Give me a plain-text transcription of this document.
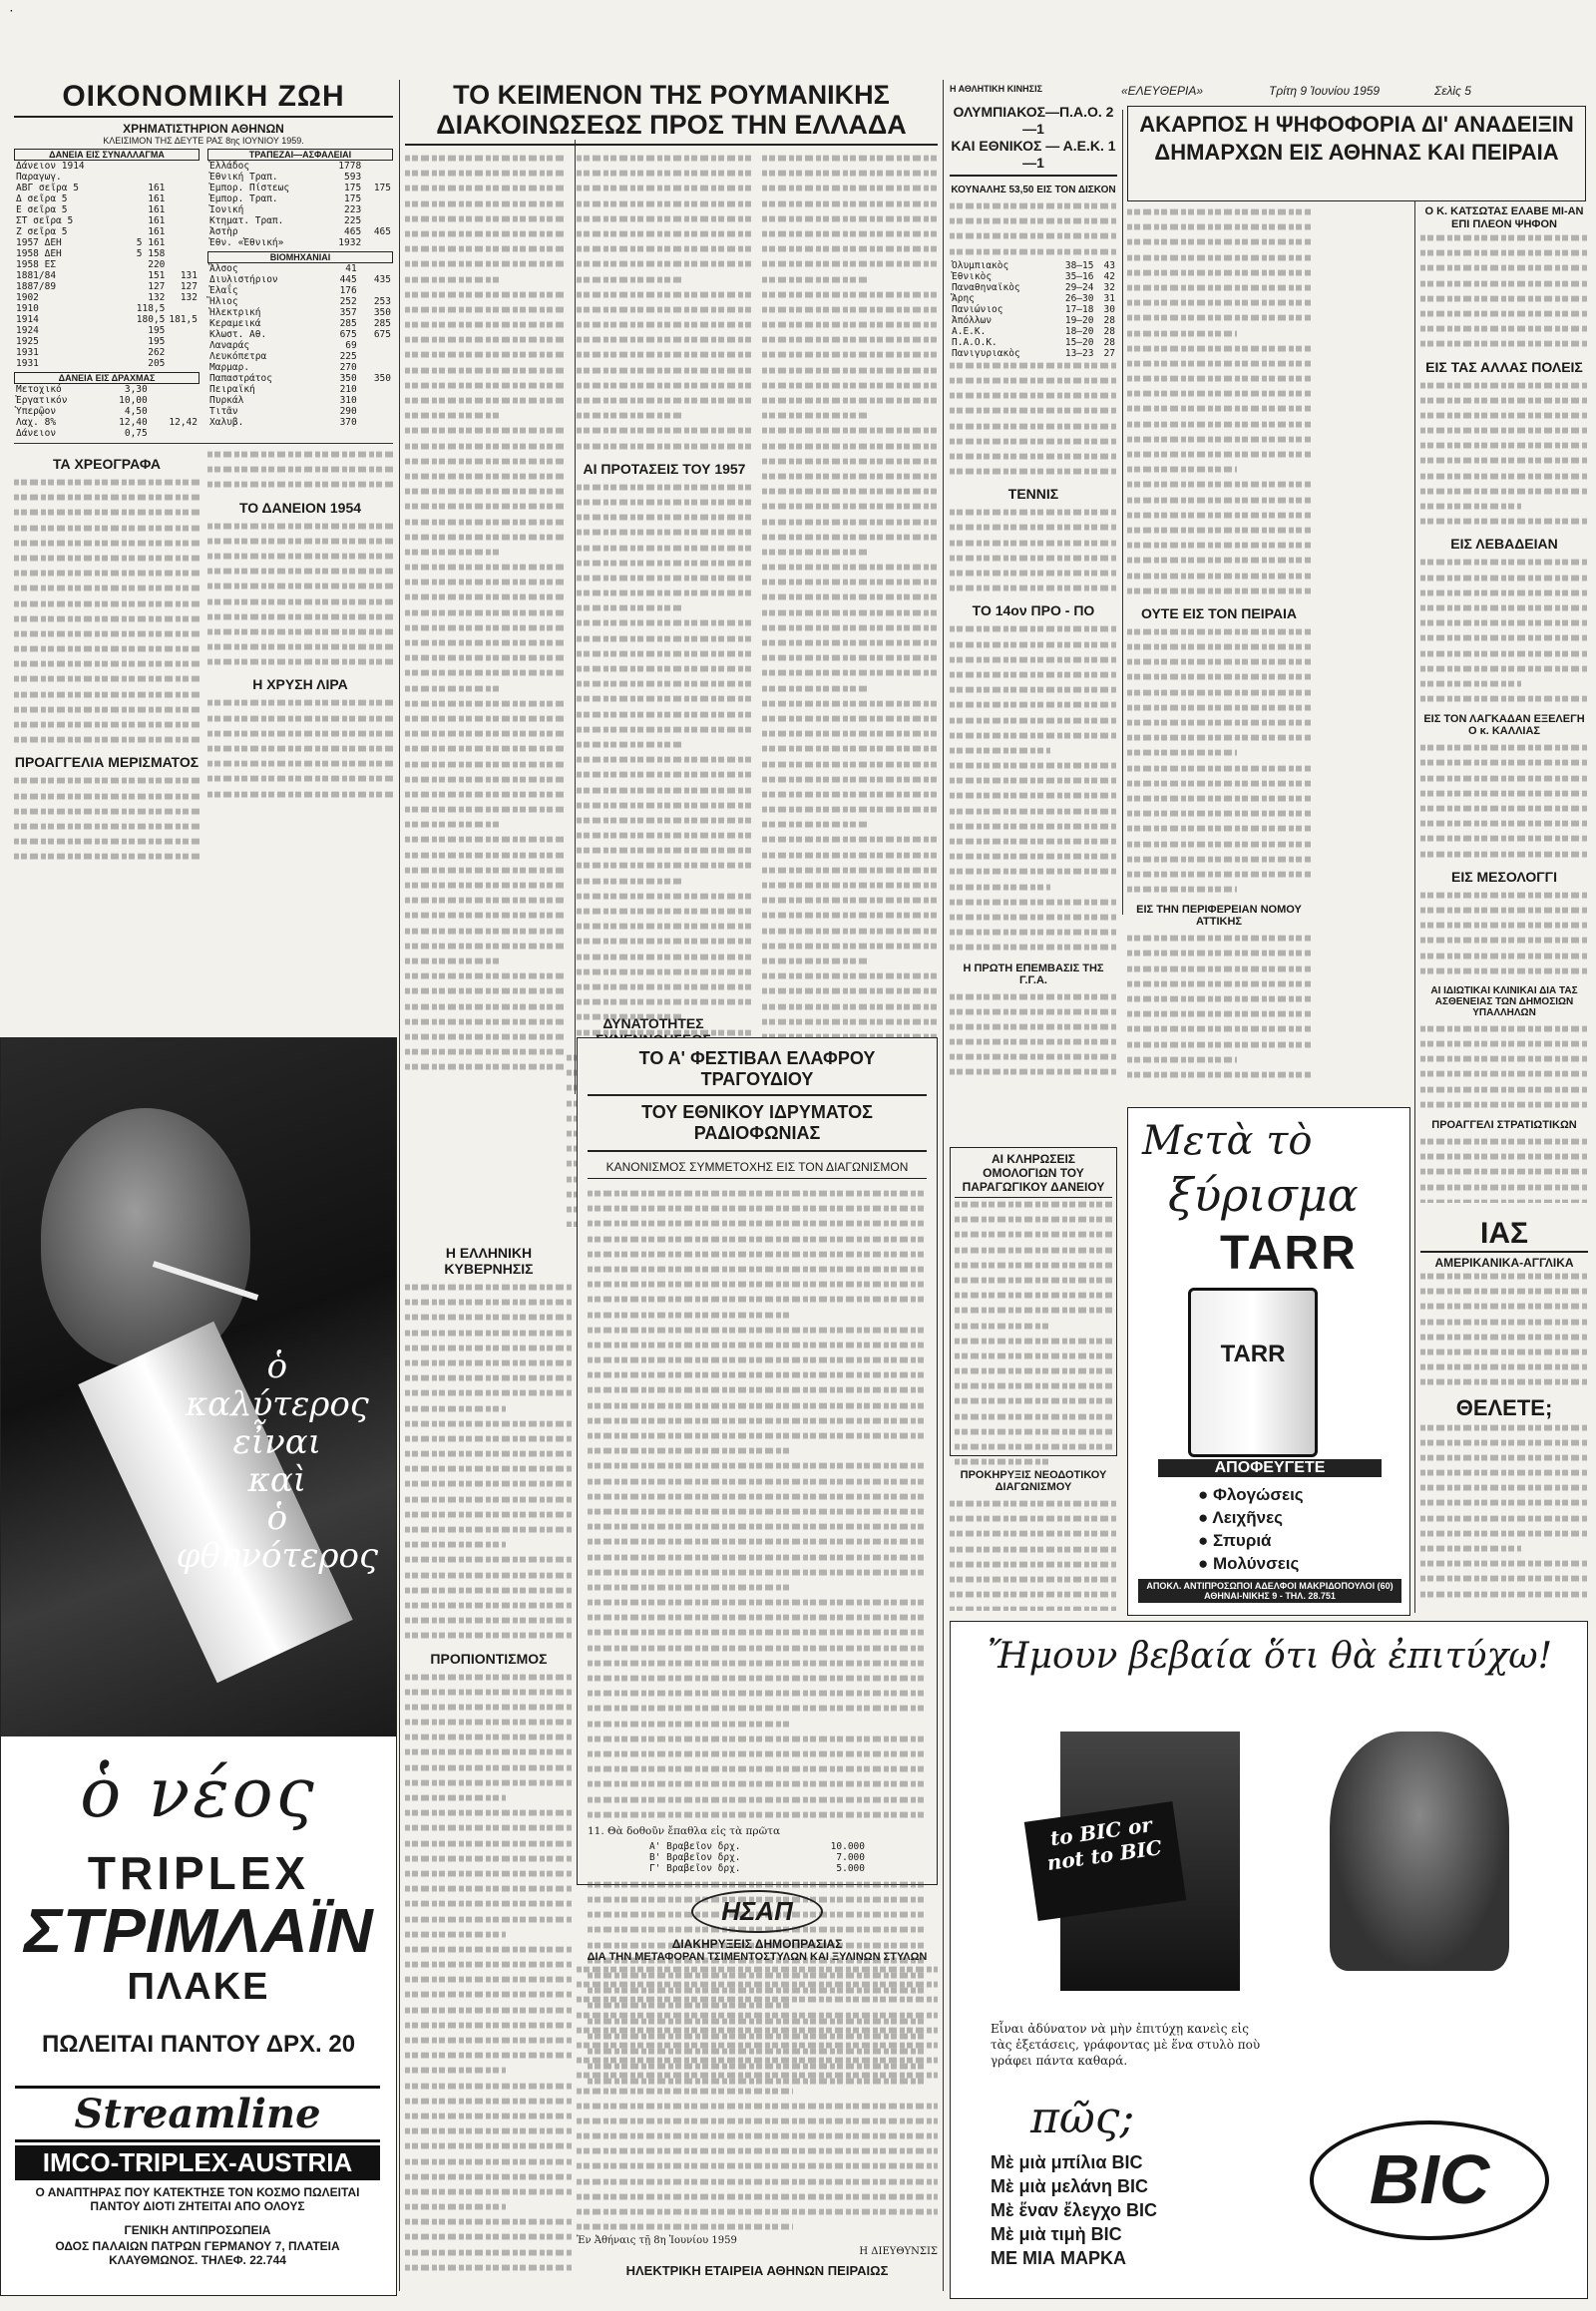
·
Η ΑΘΛΗΤΙΚΗ ΚΙΝΗΣΙΣ	«ΕΛΕΥΘΕΡΙΑ»	Τρίτη 9 Ἰουνίου 1959	Σελὶς 5
ΟΙΚΟΝΟΜΙΚΗ ΖΩΗ
ΧΡΗΜΑΤΙΣΤΗΡΙΟΝ ΑΘΗΝΩΝ
ΚΛΕΙΣΙΜΟΝ ΤΗΣ ΔΕΥΤΕ ΡΑΣ 8ης ΙΟΥΝΙΟΥ 1959.
ΔΑΝΕΙΑ ΕΙΣ ΣΥΝΑΛΛΑΓΜΑ
Δάνειον 1914 Παραγωγ.		
ΑΒΓ σεῖρα 5	161	
Δ σεῖρα 5	161	
Ε σεῖρα 5	161	
ΣΤ σεῖρα 5	161	
Ζ σεῖρα 5	161	
1957 ΔΕΗ	5 161	
1958 ΔΕΗ	5 158	
1958 ΕΣ	220	
1881/84	151	131
1887/89	127	127
1902	132	132
1910	118,5	
1914	180,5	181,5
1924	195	
1925	195	
1931	262	
1931	205	
ΔΑΝΕΙΑ ΕΙΣ ΔΡΑΧΜΑΣ
Μετοχικό	3,30	
Ἐργατικόν	10,00	
Ὑπερῷον	4,50	
Λαχ. 8%	12,40	12,42
Δάνειον	0,75	
ΤΡΑΠΕΖΑΙ—ΑΣΦΑΛΕΙΑΙ
Ἑλλάδος	1778	
Ἐθνική Τραπ.	593	
Ἐμπορ. Πίστεως	175	175
Ἐμπορ. Τραπ.	175	
Ἰονική	223	
Κτηματ. Τραπ.	225	
Ἀστὴρ	465	465
Ἐθν. «Ἐθνική»	1932	
ΒΙΟΜΗΧΑΝΙΑΙ
Ἄλσος	41	
Διυλιστήριον	445	435
Ἐλαΐς	176	
Ἤλιος	252	253
Ἠλεκτρική	357	350
Κεραμεικά	285	285
Κλωστ. Αθ.	675	675
Λαναράς	69	
Λευκόπετρα	225	
Μαρμαρ.	270	
Παπαστράτος	350	350
Πειραϊκή	210	
Πυρκάλ	310	
Τιτᾶν	290	
Χαλυβ.	370	
ΤΑ ΧΡΕΟΓΡΑΦΑ
ΠΡΟΑΓΓΕΛΙΑ ΜΕΡΙΣΜΑΤΟΣ
ΤΟ ΔΑΝΕΙΟΝ 1954
Η ΧΡΥΣΗ ΛΙΡΑ
ὁ
καλύτερος
εἶναι
καὶ
ὁ
φθηνότερος
ὁ νέος
TRIPLEX
ΣΤΡΙΜΛΑΪΝ
ΠΛΑΚΕ
ΠΩΛΕΙΤΑΙ ΠΑΝΤΟΥ ΔΡΧ. 20
Streamline
IMCO-TRIPLEX-AUSTRIA
Ο ΑΝΑΠΤΗΡΑΣ ΠΟΥ ΚΑΤΕΚΤΗΣΕ ΤΟΝ ΚΟΣΜΟ ΠΩΛΕΙΤΑΙ ΠΑΝΤΟΥ ΔΙΟΤΙ ΖΗΤΕΙΤΑΙ ΑΠΟ ΟΛΟΥΣ
ΓΕΝΙΚΗ ΑΝΤΙΠΡΟΣΩΠΕΙΑ
ΟΔΟΣ ΠΑΛΑΙΩΝ ΠΑΤΡΩΝ ΓΕΡΜΑΝΟΥ 7, ΠΛΑΤΕΙΑ ΚΛΑΥΘΜΩΝΟΣ. ΤΗΛΕΦ. 22.744
ΤΟ ΚΕΙΜΕΝΟΝ ΤΗΣ ΡΟΥΜΑΝΙΚΗΣ ΔΙΑΚΟΙΝΩΣΕΩΣ ΠΡΟΣ ΤΗΝ ΕΛΛΑΔΑ
ΑΙ ΠΡΟΤΑΣΕΙΣ ΤΟΥ 1957
ΔΥΝΑΤΟΤΗΤΕΣ
ΤΟ Α' ΦΕΣΤΙΒΑΛ ΕΛΑΦΡΟΥ ΤΡΑΓΟΥΔΙΟΥ
ΤΟΥ ΕΘΝΙΚΟΥ ΙΔΡΥΜΑΤΟΣ ΡΑΔΙΟΦΩΝΙΑΣ
ΚΑΝΟΝΙΣΜΟΣ ΣΥΜΜΕΤΟΧΗΣ ΕΙΣ ΤΟΝ ΔΙΑΓΩΝΙΣΜΟΝ
11. Θὰ δοθοῦν ἔπαθλα εἰς τὰ πρῶτα
Α' Βραβεῖον δρχ.	10.000
Β' Βραβεῖον δρχ.	7.000
Γ' Βραβεῖον δρχ.	5.000
Η ΕΛΛΗΝΙΚΗ ΚΥΒΕΡΝΗΣΙΣ
ΠΡΟΠΙΟΝΤΙΣΜΟΣ
ΗΣΑΠ
ΔΙΑΚΗΡΥΞΕΙΣ ΔΗΜΟΠΡΑΣΙΑΣ
ΔΙΑ ΤΗΝ ΜΕΤΑΦΟΡΑΝ ΤΣΙΜΕΝΤΟΣΤΥΛΩΝ ΚΑΙ ΞΥΛΙΝΩΝ ΣΤΥΛΩΝ
Ἐν Ἀθήναις τῇ 8η Ἰουνίου 1959
Η ΔΙΕΥΘΥΝΣΙΣ
ΗΛΕΚΤΡΙΚΗ ΕΤΑΙΡΕΙΑ ΑΘΗΝΩΝ ΠΕΙΡΑΙΩΣ
ΟΛΥΜΠΙΑΚΟΣ—Π.Α.Ο. 2—1
ΚΑΙ ΕΘΝΙΚΟΣ — Α.Ε.Κ. 1—1
ΚΟΥΝΑΛΗΣ 53,50 ΕΙΣ ΤΟΝ ΔΙΣΚΟΝ
Ὀλυμπιακὸς	38—15	43
Ἐθνικὸς	35—16	42
Παναθηναϊκὸς	29—24	32
Ἄρης	26—30	31
Πανιώνιος	17—18	30
Ἀπόλλων	19—20	28
Α.Ε.Κ.	18—20	28
Π.Α.Ο.Κ.	15—20	28
Πανιγυριακὸς	13—23	27
ΤΕΝΝΙΣ
ΤΟ 14ον ΠΡΟ - ΠΟ
Η ΠΡΩΤΗ ΕΠΕΜΒΑΣΙΣ ΤΗΣ Γ.Γ.Α.
ΑΙ ΚΛΗΡΩΣΕΙΣ ΟΜΟΛΟΓΙΩΝ ΤΟΥ ΠΑΡΑΓΩΓΙΚΟΥ ΔΑΝΕΙΟΥ
ΠΡΟΚΗΡΥΞΙΣ ΝΕΟΔΟΤΙΚΟΥ ΔΙΑΓΩΝΙΣΜΟΥ
ΑΚΑΡΠΟΣ Η ΨΗΦΟΦΟΡΙΑ ΔΙ' ΑΝΑΔΕΙΞΙΝ ΔΗΜΑΡΧΩΝ ΕΙΣ ΑΘΗΝΑΣ ΚΑΙ ΠΕΙΡΑΙΑ
ΟΥΤΕ ΕΙΣ ΤΟΝ ΠΕΙΡΑΙΑ
ΕΙΣ ΤΗΝ ΠΕΡΙΦΕΡΕΙΑΝ ΝΟΜΟΥ ΑΤΤΙΚΗΣ
Ο Κ. ΚΑΤΣΩΤΑΣ ΕΛΑΒΕ ΜΙ-ΑΝ ΕΠΙ ΠΛΕΟΝ ΨΗΦΟΝ
ΕΙΣ ΤΑΣ ΑΛΛΑΣ ΠΟΛΕΙΣ
ΕΙΣ ΛΕΒΑΔΕΙΑΝ
ΕΙΣ ΤΟΝ ΛΑΓΚΑΔΑΝ ΕΞΕΛΕΓΗ Ο κ. ΚΑΛΛΙΑΣ
ΕΙΣ ΜΕΣΟΛΟΓΓΙ
ΑΙ ΙΔΙΩΤΙΚΑΙ ΚΛΙΝΙΚΑΙ ΔΙΑ ΤΑΣ ΑΣΘΕΝΕΙΑΣ ΤΩΝ ΔΗΜΟΣΙΩΝ ΥΠΑΛΛΗΛΩΝ
ΠΡΟΑΓΓΕΛΙ ΣΤΡΑΤΙΩΤΙΚΩΝ
Μετὰ τὸ
ξύρισμα
TARR
TARR
ΑΠΟΦΕΥΓΕΤΕ
● Φλογώσεις
● Λειχῆνες
● Σπυριά
● Μολύνσεις
ΑΠΟΚΛ. ΑΝΤΙΠΡΟΣΩΠΟΙ ΑΔΕΛΦΟΙ ΜΑΚΡΙΔΟΠΟΥΛΟΙ (60) ΑΘΗΝΑΙ-ΝΙΚΗΣ 9 - ΤΗΛ. 28.751
ΙΑΣ
ΑΜΕΡΙΚΑΝΙΚΑ-ΑΓΓΛΙΚΑ
ΘΕΛΕΤΕ;
Ἤμουν βεβαία ὅτι θὰ ἐπιτύχω!
to BIC or not to BIC
Εἶναι ἀδύνατον νὰ μὴν ἐπιτύχῃ κανεὶς εἰς τὰς ἐξετάσεις, γράφοντας μὲ ἕνα στυλὸ ποὺ γράφει πάντα καθαρά.
πῶς;
Μὲ μιὰ μπίλια BIC
Μὲ μιὰ μελάνη BIC
Μὲ ἕναν ἔλεγχο BIC
Μὲ μιὰ τιμὴ BIC
ΜΕ ΜΙΑ ΜΑΡΚΑ
BIC
